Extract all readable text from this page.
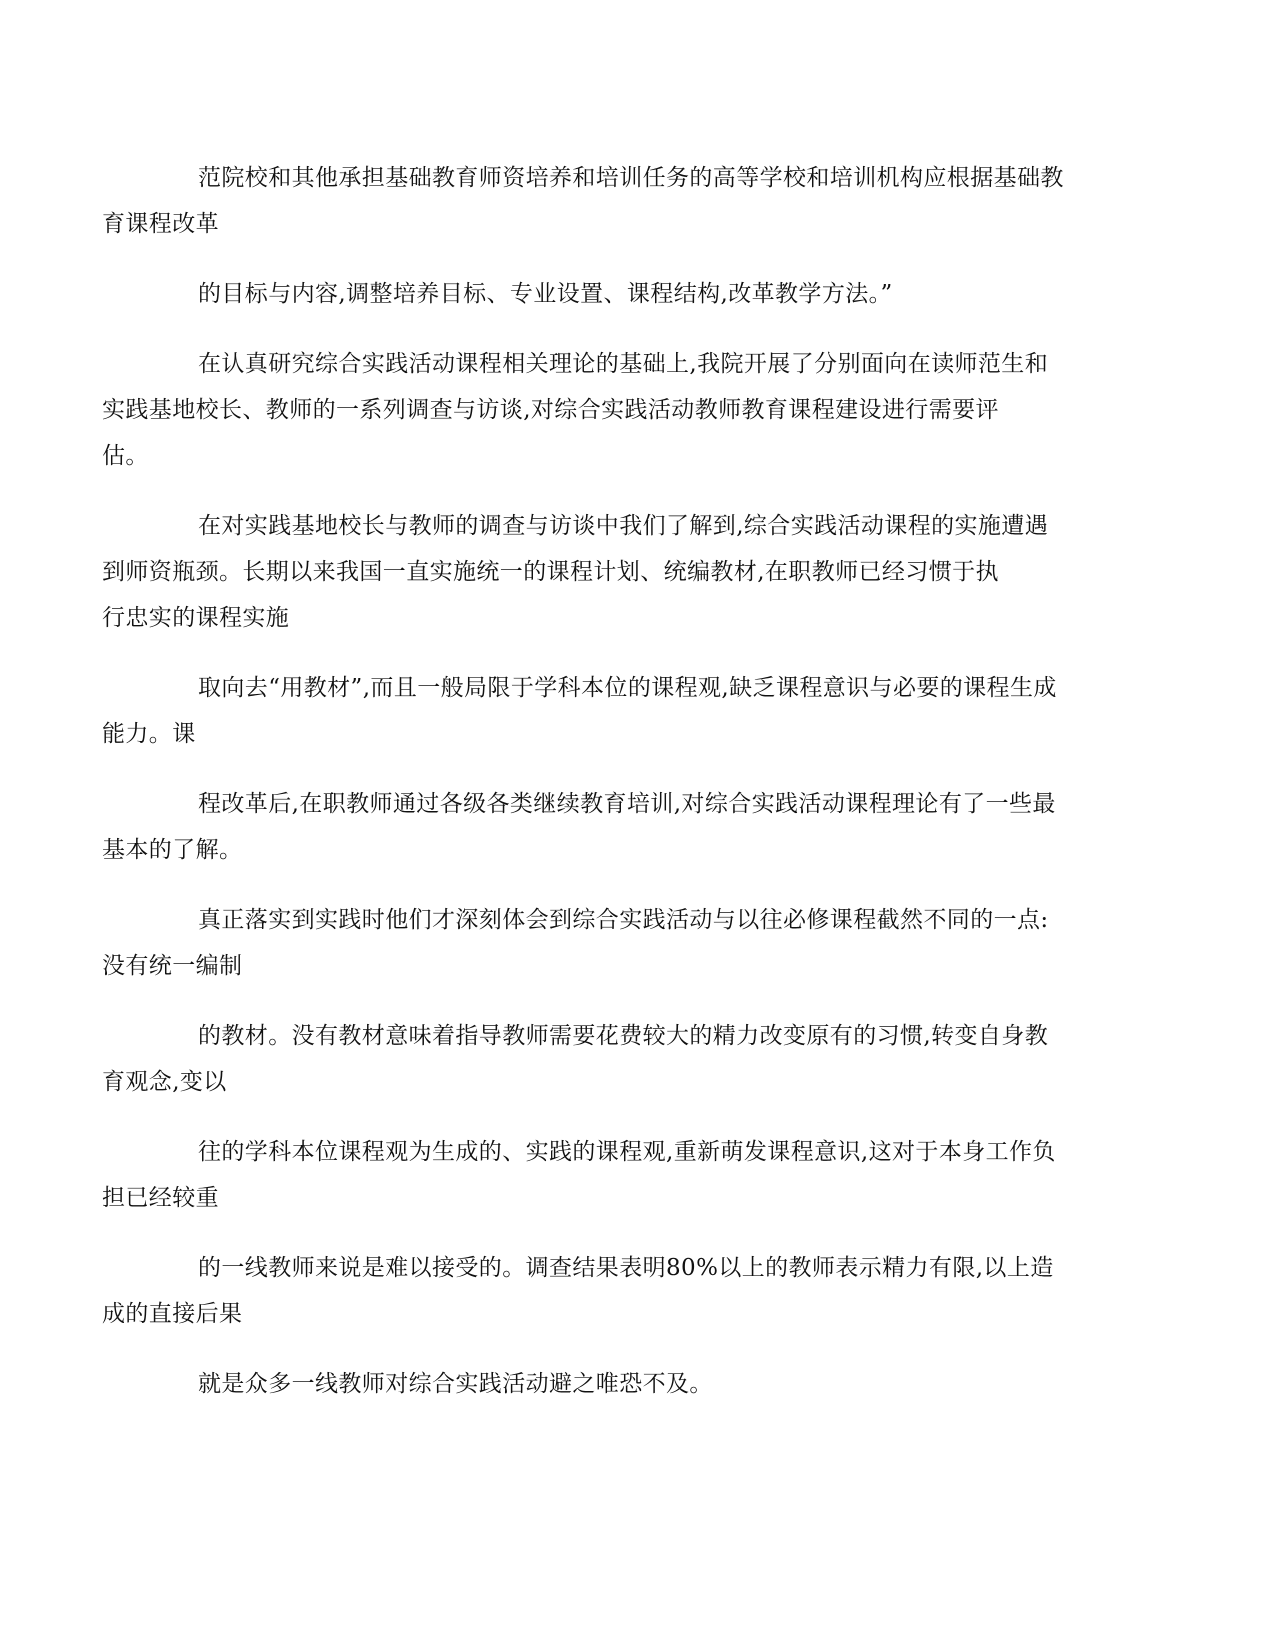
范院校和其他承担基础教育师资培养和培训任务的高等学校和培训机构应根据基础教
育课程改革

的目标与内容,调整培养目标、专业设置、课程结构,改革教学方法。”

在认真研究综合实践活动课程相关理论的基础上,我院开展了分别面向在读师范生和
实践基地校长、教师的一系列调查与访谈,对综合实践活动教师教育课程建设进行需要评
估。

在对实践基地校长与教师的调查与访谈中我们了解到,综合实践活动课程的实施遭遇
到师资瓶颈。长期以来我国一直实施统一的课程计划、统编教材,在职教师已经习惯于执
行忠实的课程实施

取向去“用教材”,而且一般局限于学科本位的课程观,缺乏课程意识与必要的课程生成
能力。课

程改革后,在职教师通过各级各类继续教育培训,对综合实践活动课程理论有了一些最
基本的了解。

真正落实到实践时他们才深刻体会到综合实践活动与以往必修课程截然不同的一点:
没有统一编制

的教材。没有教材意味着指导教师需要花费较大的精力改变原有的习惯,转变自身教
育观念,变以

往的学科本位课程观为生成的、实践的课程观,重新萌发课程意识,这对于本身工作负
担已经较重

的一线教师来说是难以接受的。调查结果表明80%以上的教师表示精力有限,以上造
成的直接后果

就是众多一线教师对综合实践活动避之唯恐不及。
